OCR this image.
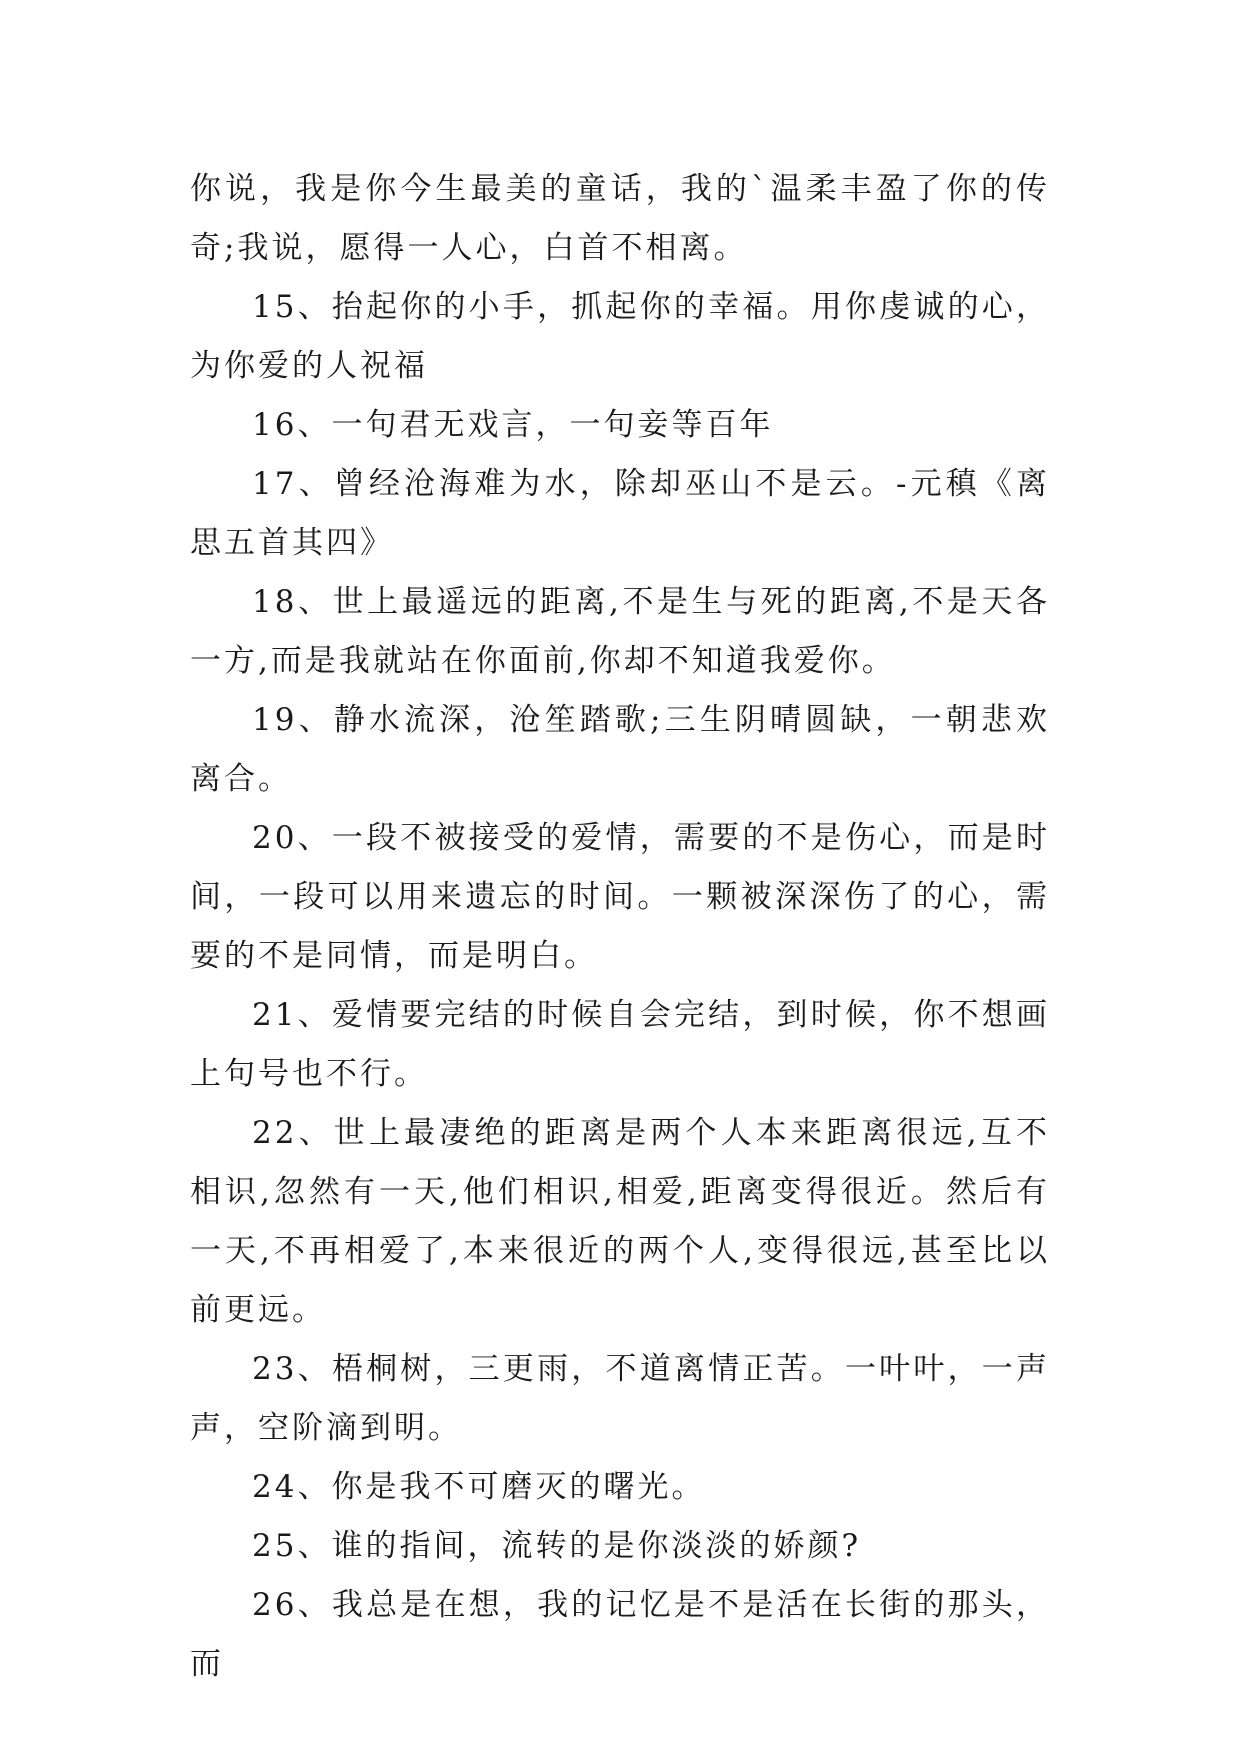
你说，我是你今生最美的童话，我的`温柔丰盈了你的传奇;我说，愿得一人心，白首不相离。

15、抬起你的小手，抓起你的幸福。用你虔诚的心，为你爱的人祝福

16、一句君无戏言，一句妾等百年

17、曾经沧海难为水，除却巫山不是云。-元稹《离思五首其四》

18、世上最遥远的距离,不是生与死的距离,不是天各一方,而是我就站在你面前,你却不知道我爱你。

19、静水流深，沧笙踏歌;三生阴晴圆缺，一朝悲欢离合。

20、一段不被接受的爱情，需要的不是伤心，而是时间，一段可以用来遗忘的时间。一颗被深深伤了的心，需要的不是同情，而是明白。

21、爱情要完结的时候自会完结，到时候，你不想画上句号也不行。

22、世上最凄绝的距离是两个人本来距离很远,互不相识,忽然有一天,他们相识,相爱,距离变得很近。然后有一天,不再相爱了,本来很近的两个人,变得很远,甚至比以前更远。

23、梧桐树，三更雨，不道离情正苦。一叶叶，一声声，空阶滴到明。

24、你是我不可磨灭的曙光。

25、谁的指间，流转的是你淡淡的娇颜?

26、我总是在想，我的记忆是不是活在长街的那头，而
